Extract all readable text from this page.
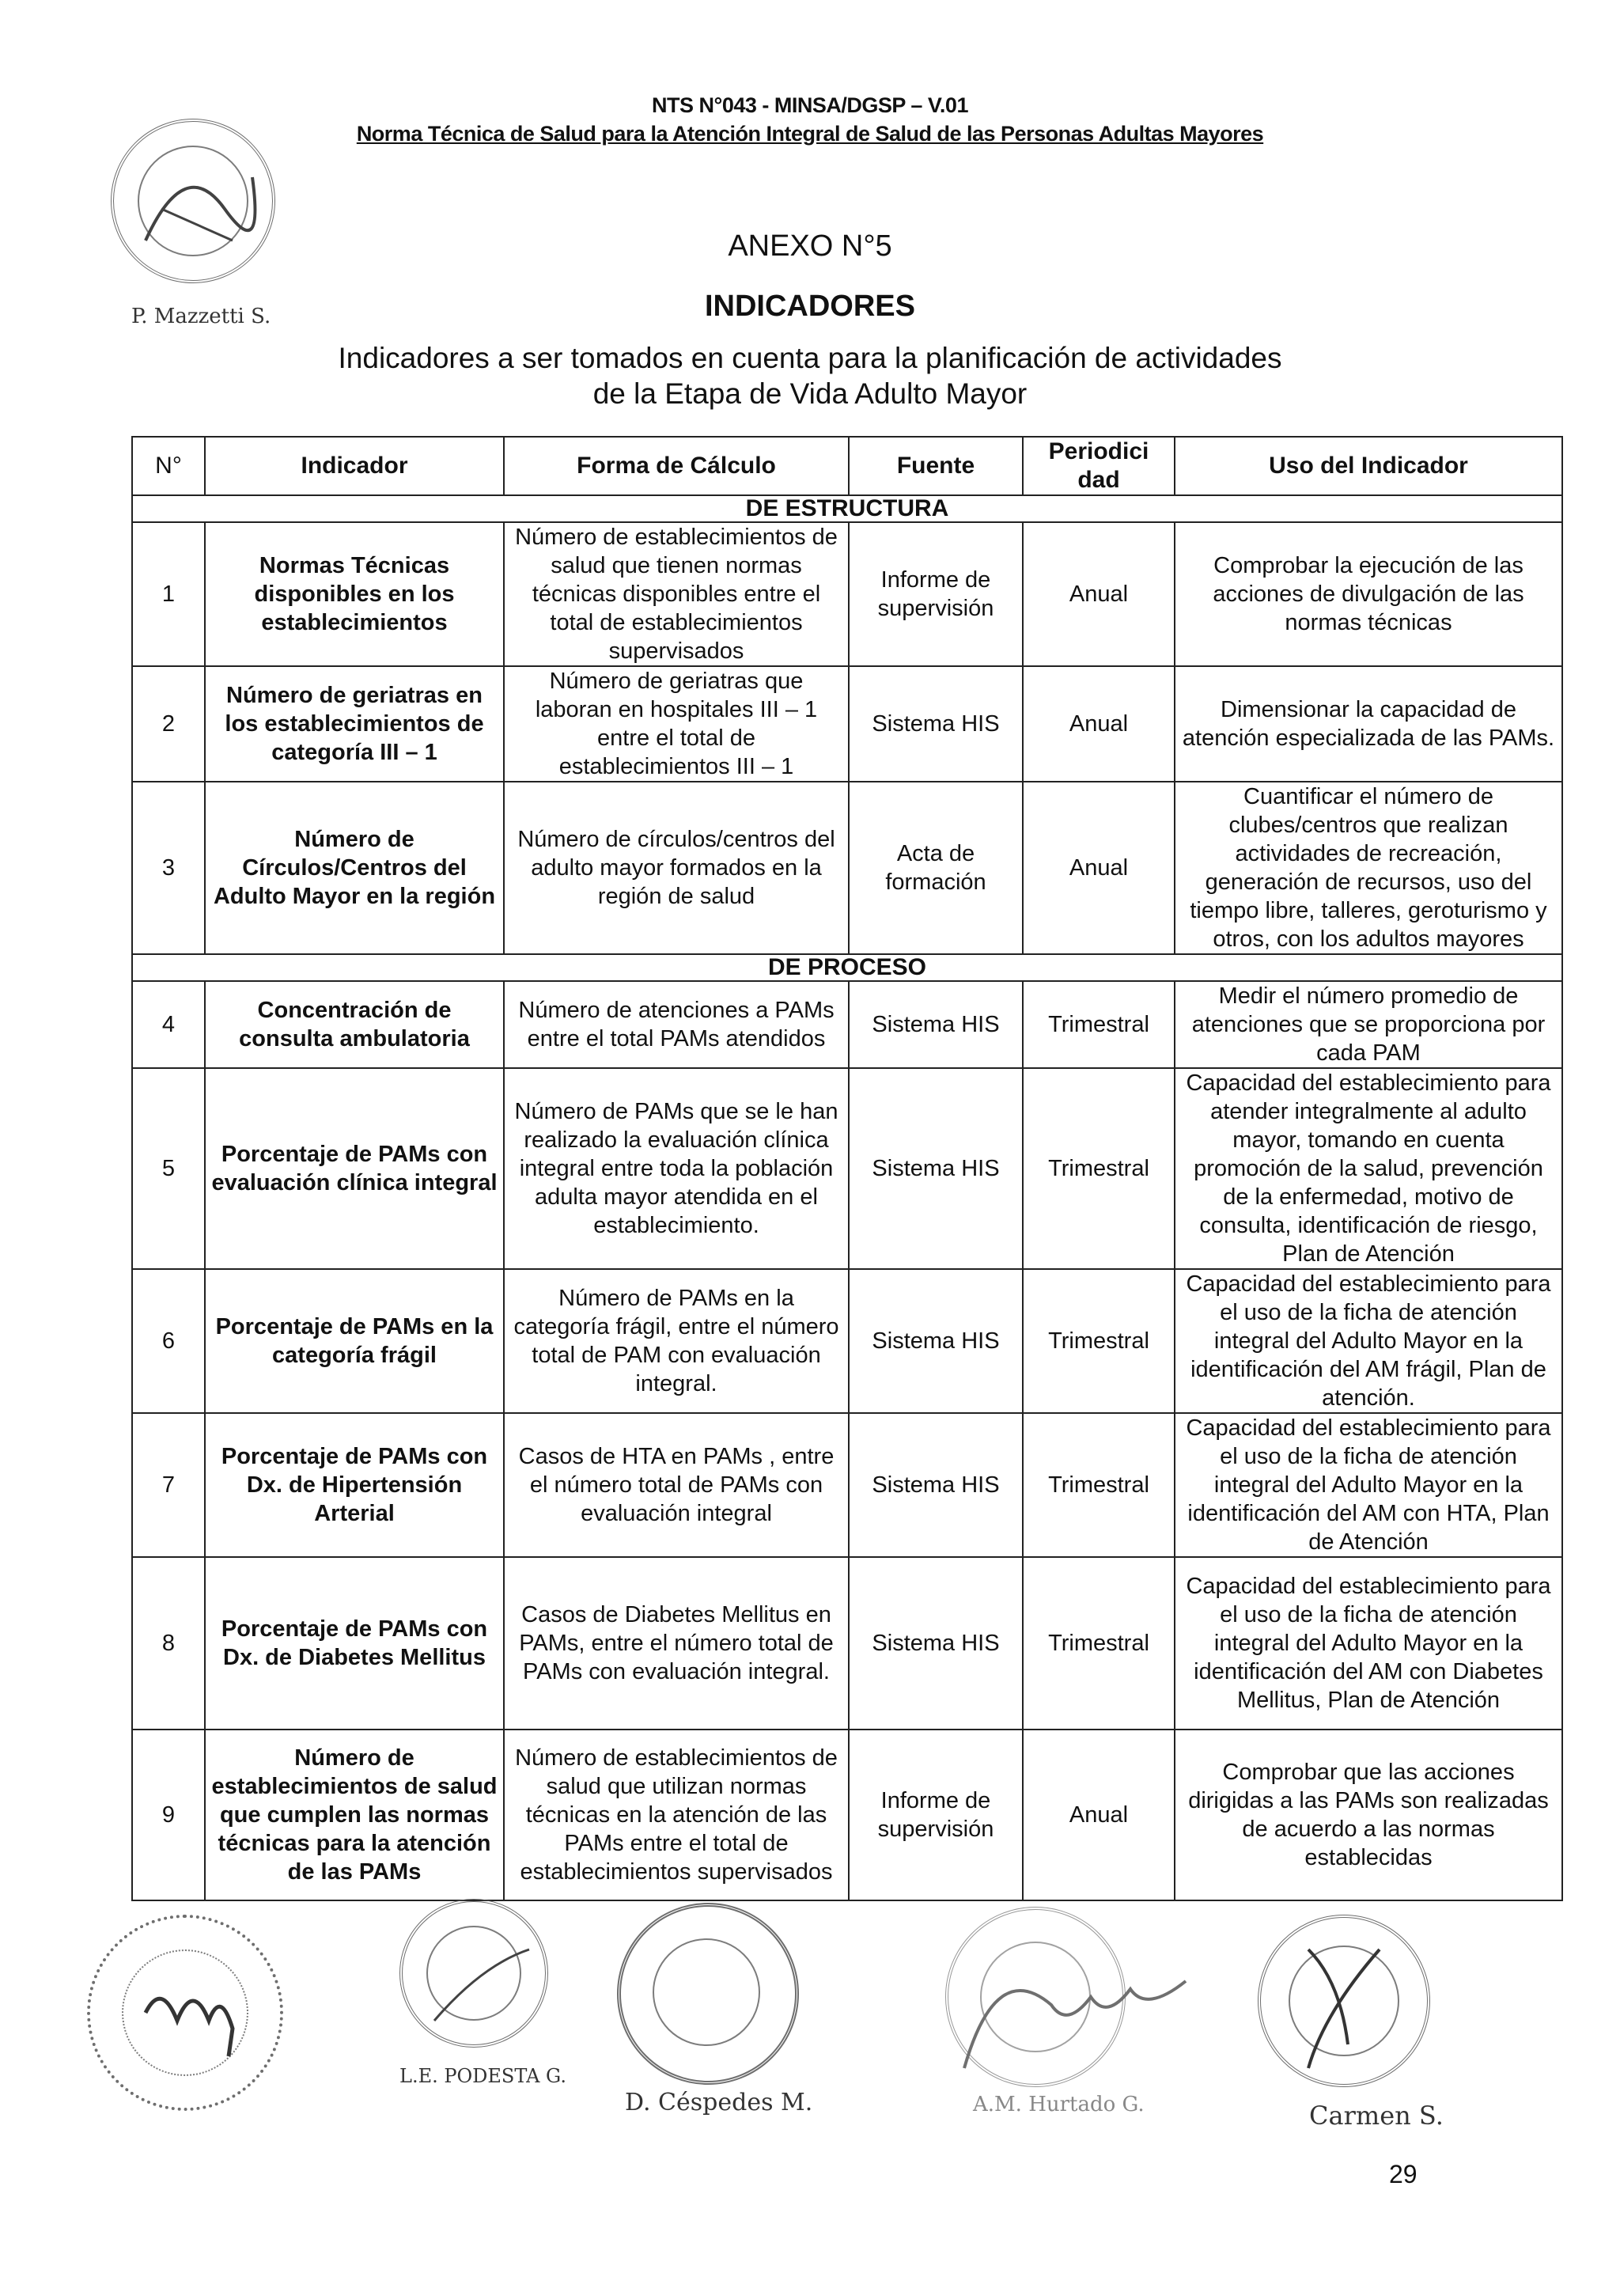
NTS N°043 - MINSA/DGSP – V.01
Norma Técnica de Salud para la Atención Integral de Salud de las Personas Adultas Mayores
P. Mazzetti S.
ANEXO N°5
INDICADORES
Indicadores a ser tomados en cuenta para la planificación de actividades
de la Etapa de Vida Adulto Mayor
N°	Indicador	Forma de Cálculo	Fuente	Periodici dad	Uso del Indicador
DE ESTRUCTURA					
1	Normas Técnicas disponibles en los establecimientos	Número de establecimientos de salud que tienen normas técnicas disponibles entre el total de establecimientos supervisados	Informe de supervisión	Anual	Comprobar la ejecución de las acciones de divulgación de las normas técnicas
2	Número de geriatras en los establecimientos de categoría III – 1	Número de geriatras que laboran en hospitales III – 1 entre el total de establecimientos III – 1	Sistema HIS	Anual	Dimensionar la capacidad de atención especializada de las PAMs.
3	Número de Círculos/Centros del Adulto Mayor en la región	Número de círculos/centros del adulto mayor formados en la región de salud	Acta de formación	Anual	Cuantificar el número de clubes/centros que realizan actividades de recreación, generación de recursos, uso del tiempo libre, talleres, geroturismo y otros, con los adultos mayores
DE PROCESO					
4	Concentración de consulta ambulatoria	Número de atenciones a PAMs entre el total PAMs atendidos	Sistema HIS	Trimestral	Medir el número promedio de atenciones que se proporciona por cada PAM
5	Porcentaje de PAMs con evaluación clínica integral	Número de PAMs que se le han realizado la evaluación clínica integral entre toda la población adulta mayor atendida en el establecimiento.	Sistema HIS	Trimestral	Capacidad del establecimiento para atender integralmente al adulto mayor, tomando en cuenta promoción de la salud, prevención de la enfermedad, motivo de consulta, identificación de riesgo, Plan de Atención
6	Porcentaje de PAMs en la categoría frágil	Número de PAMs en la categoría frágil, entre el número total de PAM con evaluación integral.	Sistema HIS	Trimestral	Capacidad del establecimiento para el uso de la ficha de atención integral del Adulto Mayor en la identificación del AM frágil, Plan de atención.
7	Porcentaje de PAMs con Dx. de Hipertensión Arterial	Casos de HTA en PAMs , entre el número total de PAMs con evaluación integral	Sistema HIS	Trimestral	Capacidad del establecimiento para el uso de la ficha de atención integral del Adulto Mayor en la identificación del AM con HTA, Plan de Atención
8	Porcentaje de PAMs con Dx. de Diabetes Mellitus	Casos de Diabetes Mellitus en PAMs, entre el número total de PAMs con evaluación integral.	Sistema HIS	Trimestral	Capacidad del establecimiento para el uso de la ficha de atención integral del Adulto Mayor en la identificación del AM con Diabetes Mellitus, Plan de Atención
9	Número de establecimientos de salud que cumplen las normas técnicas para la atención de las PAMs	Número de establecimientos de salud que utilizan normas técnicas en la atención de las PAMs entre el total de establecimientos supervisados	Informe de supervisión	Anual	Comprobar que las acciones dirigidas a las PAMs son realizadas de acuerdo a las normas establecidas
L.E. PODESTA G.
D. Céspedes M.	A.M. Hurtado G.	Carmen S.
29
